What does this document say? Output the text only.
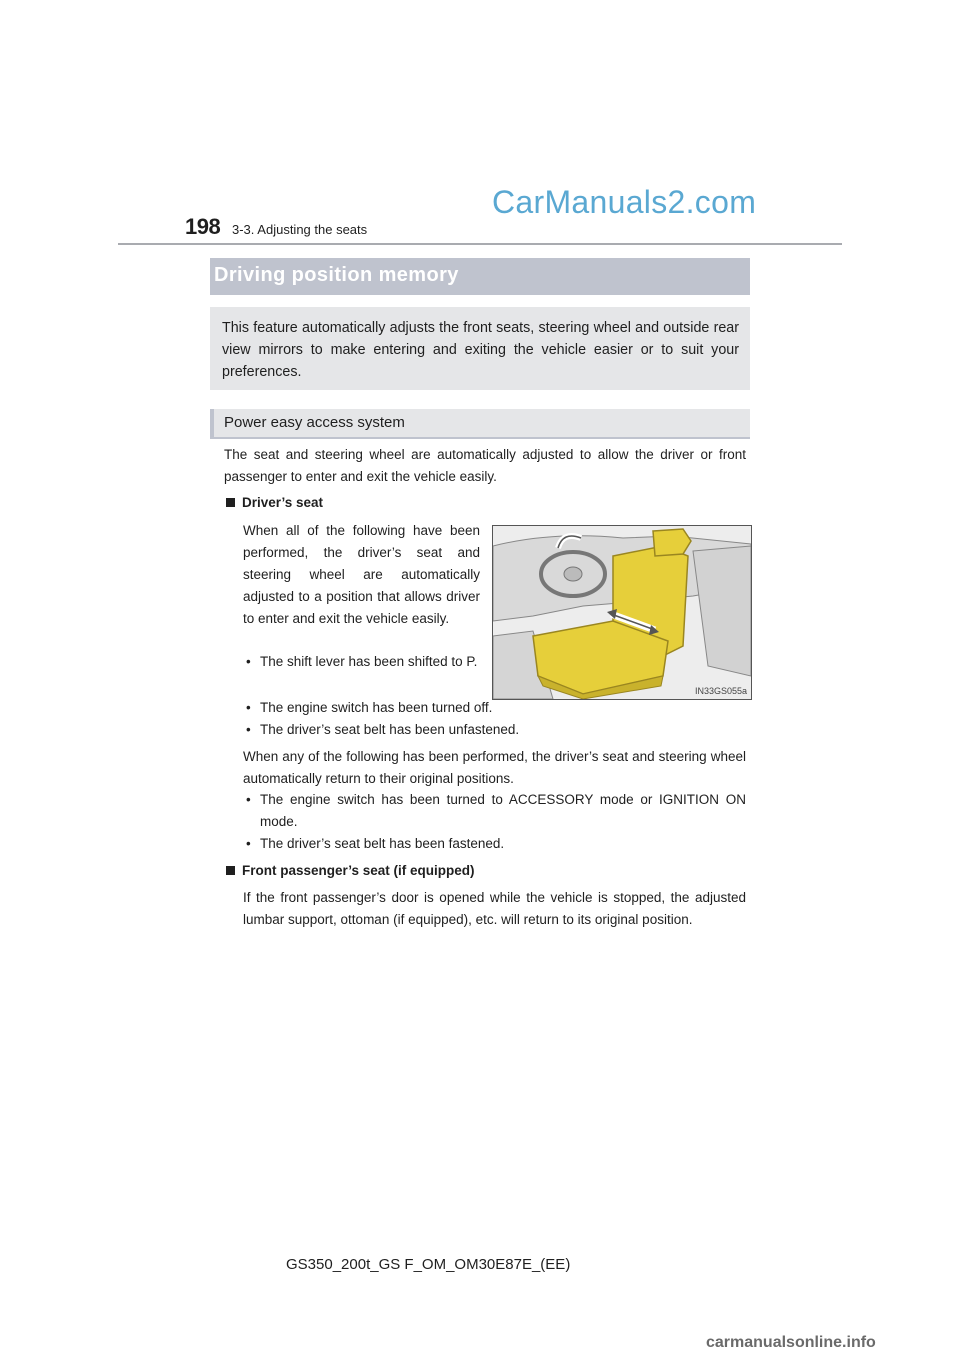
198 3-3. Adjusting the seats
CarManuals2.com
Driving position memory

This feature automatically adjusts the front seats, steering wheel and outside rear view mirrors to make entering and exiting the vehicle easier or to suit your preferences.

Power easy access system

The seat and steering wheel are automatically adjusted to allow the driver or front passenger to enter and exit the vehicle easily.

Driver’s seat

When all of the following have been performed, the driver’s seat and steering wheel are automatically adjusted to a position that allows driver to enter and exit the vehicle easily.

• The shift lever has been shifted to P.
• The engine switch has been turned off.
• The driver’s seat belt has been unfastened.

When any of the following has been performed, the driver’s seat and steering wheel automatically return to their original positions.

• The engine switch has been turned to ACCESSORY mode or IGNITION ON mode.
• The driver’s seat belt has been fastened.
Front passenger’s seat (if equipped)

If the front passenger’s door is opened while the vehicle is stopped, the adjusted lumbar support, ottoman (if equipped), etc. will return to its original position.

IN33GS055a
GS350_200t_GS F_OM_OM30E87E_(EE)
carmanualsonline.info
